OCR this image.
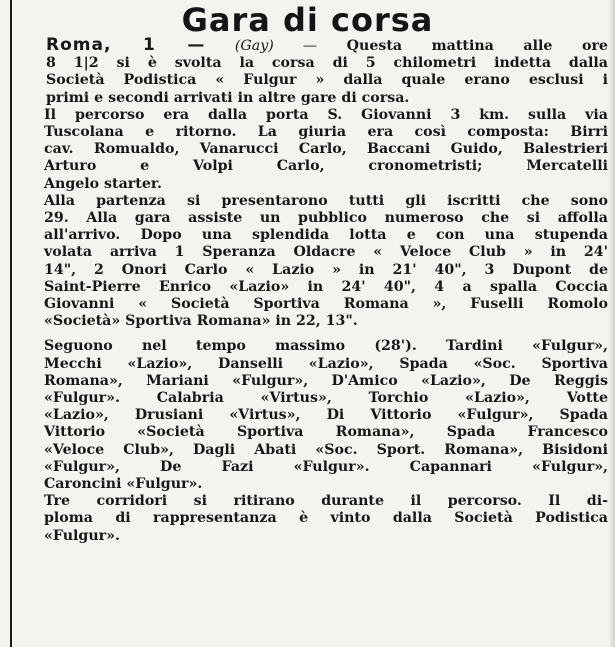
Gara di corsa

Roma, 1 — (Gay) — Questa mattina alle ore
8 1|2 si è svolta la corsa di 5 chilometri indetta dalla
Società Podistica « Fulgur » dalla quale erano esclusi i
primi e secondi arrivati in altre gare di corsa.

Il percorso era dalla porta S. Giovanni 3 km. sulla via
Tuscolana e ritorno. La giuria era così composta: Birri
cav. Romualdo, Vanarucci Carlo, Baccani Guido, Balestrieri
Arturo e Volpi Carlo, cronometristi; Mercatelli
Angelo starter.

Alla partenza si presentarono tutti gli iscritti che sono
29. Alla gara assiste un pubblico numeroso che si affolla
all'arrivo. Dopo una splendida lotta e con una stupenda
volata arriva 1 Speranza Oldacre « Veloce Club » in 24'
14", 2 Onori Carlo « Lazio » in 21' 40", 3 Dupont de
Saint-Pierre Enrico «Lazio» in 24' 40", 4 a spalla Coccia
Giovanni « Società Sportiva Romana », Fuselli Romolo
«Società» Sportiva Romana» in 22, 13".

Seguono nel tempo massimo (28'). Tardini «Fulgur»,
Mecchi «Lazio», Danselli «Lazio», Spada «Soc. Sportiva
Romana», Mariani «Fulgur», D'Amico «Lazio», De Reggis
«Fulgur». Calabria «Virtus», Torchio «Lazio», Votte
«Lazio», Drusiani «Virtus», Di Vittorio «Fulgur», Spada
Vittorio «Società Sportiva Romana», Spada Francesco
«Veloce Club», Dagli Abati «Soc. Sport. Romana», Bisidoni
«Fulgur», De Fazi «Fulgur». Capannari «Fulgur»,
Caroncini «Fulgur».

Tre corridori si ritirano durante il percorso. Il di-
ploma di rappresentanza è vinto dalla Società Podistica
«Fulgur».
